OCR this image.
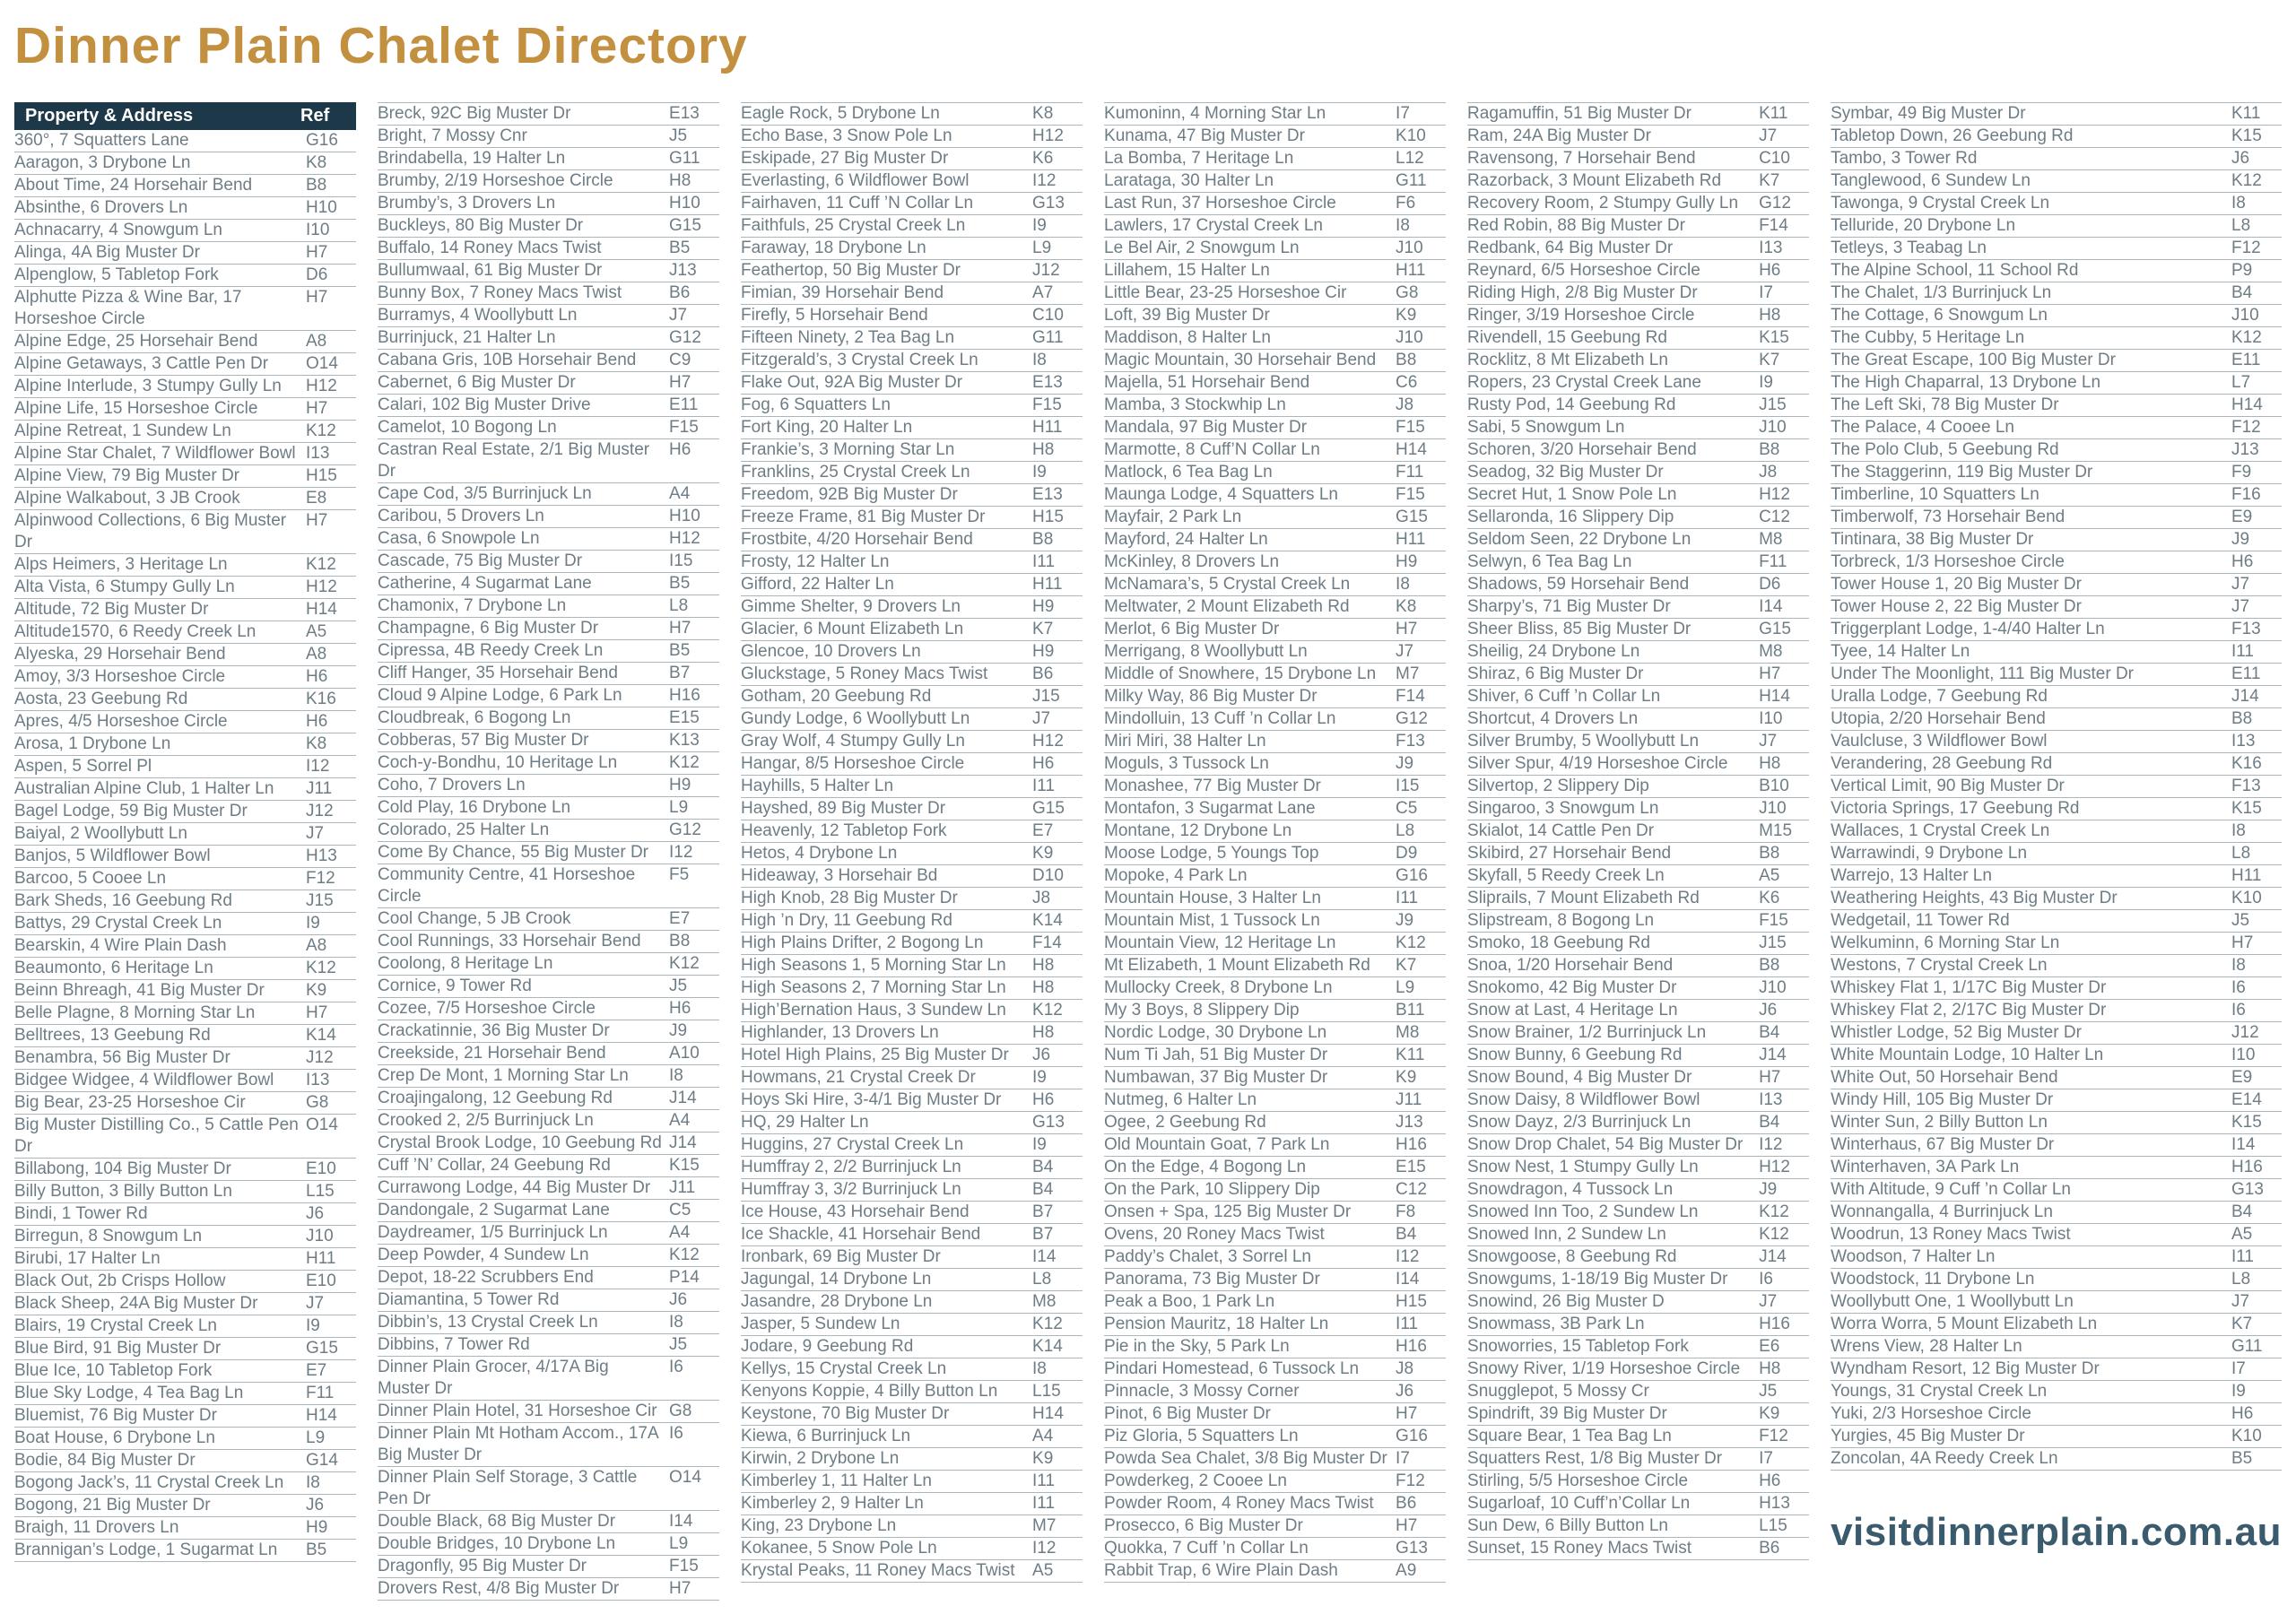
Dinner Plain Chalet Directory
Property & Address	Ref
360°, 7 Squatters Lane	G16
Aaragon, 3 Drybone Ln	K8
About Time, 24 Horsehair Bend	B8
Absinthe, 6 Drovers Ln	H10
Achnacarry, 4 Snowgum Ln	I10
Alinga, 4A Big Muster Dr	H7
Alpenglow, 5 Tabletop Fork	D6
Alphutte Pizza & Wine Bar, 17 Horseshoe Circle
H7
Alpine Edge, 25 Horsehair Bend	A8
Alpine Getaways, 3 Cattle Pen Dr	O14
Alpine Interlude, 3 Stumpy Gully Ln	H12
Alpine Life, 15 Horseshoe Circle	H7
Alpine Retreat, 1 Sundew Ln	K12
Alpine Star Chalet, 7 Wildflower Bowl I13
Alpine View, 79 Big Muster Dr	H15
Alpine Walkabout, 3 JB Crook	E8
Alpinwood Collections, 6 Big Muster Dr
H7
Alps Heimers, 3 Heritage Ln	K12
Alta Vista, 6 Stumpy Gully Ln	H12
Altitude, 72 Big Muster Dr	H14
Altitude1570, 6 Reedy Creek Ln	A5
Alyeska, 29 Horsehair Bend	A8
Amoy, 3/3 Horseshoe Circle	H6
Aosta, 23 Geebung Rd	K16
Apres, 4/5 Horseshoe Circle	H6
Arosa, 1 Drybone Ln	K8
Aspen, 5 Sorrel Pl	I12
Australian Alpine Club, 1 Halter Ln	J11
Bagel Lodge, 59 Big Muster Dr	J12
Baiyal, 2 Woollybutt Ln	J7
Banjos, 5 Wildflower Bowl	H13
Barcoo, 5 Cooee Ln	F12
Bark Sheds, 16 Geebung Rd	J15
Battys, 29 Crystal Creek Ln	I9
Bearskin, 4 Wire Plain Dash	A8
Beaumonto, 6 Heritage Ln	K12
Beinn Bhreagh, 41 Big Muster Dr	K9
Belle Plagne, 8 Morning Star Ln	H7
Belltrees, 13 Geebung Rd	K14
Benambra, 56 Big Muster Dr	J12
Bidgee Widgee, 4 Wildflower Bowl	I13
Big Bear, 23-25 Horseshoe Cir	G8
Big Muster Distilling Co., 5 Cattle Pen Dr
O14
Billabong, 104 Big Muster Dr	E10
Billy Button, 3 Billy Button Ln	L15
Bindi, 1 Tower Rd	J6
Birregun, 8 Snowgum Ln	J10
Birubi, 17 Halter Ln	H11
Black Out, 2b Crisps Hollow	E10
Black Sheep, 24A Big Muster Dr	J7
Blairs, 19 Crystal Creek Ln	I9
Blue Bird, 91 Big Muster Dr	G15
Blue Ice, 10 Tabletop Fork	E7
Blue Sky Lodge, 4 Tea Bag Ln	F11
Bluemist, 76 Big Muster Dr	H14
Boat House, 6 Drybone Ln	L9
Bodie, 84 Big Muster Dr	G14
Bogong Jack’s, 11 Crystal Creek Ln	I8
Bogong, 21 Big Muster Dr	J6
Braigh, 11 Drovers Ln	H9
Brannigan’s Lodge, 1 Sugarmat Ln	B5
Breck, 92C Big Muster Dr	E13
Bright, 7 Mossy Cnr	J5
Brindabella, 19 Halter Ln	G11
Brumby, 2/19 Horseshoe Circle	H8
Brumby’s, 3 Drovers Ln	H10
Buckleys, 80 Big Muster Dr	G15
Buffalo, 14 Roney Macs Twist	B5
Bullumwaal, 61 Big Muster Dr	J13
Bunny Box, 7 Roney Macs Twist	B6
Burramys, 4 Woollybutt Ln	J7
Burrinjuck, 21 Halter Ln	G12
Cabana Gris, 10B Horsehair Bend	C9
Cabernet, 6 Big Muster Dr	H7
Calari, 102 Big Muster Drive	E11
Camelot, 10 Bogong Ln	F15
Castran Real Estate, 2/1 Big Muster Dr
H6
Cape Cod, 3/5 Burrinjuck Ln	A4
Caribou, 5 Drovers Ln	H10
Casa, 6 Snowpole Ln	H12
Cascade, 75 Big Muster Dr	I15
Catherine, 4 Sugarmat Lane	B5
Chamonix, 7 Drybone Ln	L8
Champagne, 6 Big Muster Dr	H7
Cipressa, 4B Reedy Creek Ln	B5
Cliff Hanger, 35 Horsehair Bend	B7
Cloud 9 Alpine Lodge, 6 Park Ln	H16
Cloudbreak, 6 Bogong Ln	E15
Cobberas, 57 Big Muster Dr	K13
Coch-y-Bondhu, 10 Heritage Ln	K12
Coho, 7 Drovers Ln	H9
Cold Play, 16 Drybone Ln	L9
Colorado, 25 Halter Ln	G12
Come By Chance, 55 Big Muster Dr	I12
Community Centre, 41 Horseshoe Circle
F5
Cool Change, 5 JB Crook	E7
Cool Runnings, 33 Horsehair Bend	B8
Coolong, 8 Heritage Ln	K12
Cornice, 9 Tower Rd	J5
Cozee, 7/5 Horseshoe Circle	H6
Crackatinnie, 36 Big Muster Dr	J9
Creekside, 21 Horsehair Bend	A10
Crep De Mont, 1 Morning Star Ln	I8
Croajingalong, 12 Geebung Rd	J14
Crooked 2, 2/5 Burrinjuck Ln	A4
Crystal Brook Lodge, 10 Geebung Rd J14
Cuff ’N’ Collar, 24 Geebung Rd	K15
Currawong Lodge, 44 Big Muster Dr	J11
Dandongale, 2 Sugarmat Lane	C5
Daydreamer, 1/5 Burrinjuck Ln	A4
Deep Powder, 4 Sundew Ln	K12
Depot, 18-22 Scrubbers End	P14
Diamantina, 5 Tower Rd	J6
Dibbin’s, 13 Crystal Creek Ln	I8
Dibbins, 7 Tower Rd	J5
Dinner Plain Grocer, 4/17A Big Muster Dr
I6
Dinner Plain Hotel, 31 Horseshoe Cir G8
Dinner Plain Mt Hotham Accom., 17A Big Muster Dr
I6
Dinner Plain Self Storage, 3 Cattle Pen Dr
O14
Double Black, 68 Big Muster Dr	I14
Double Bridges, 10 Drybone Ln	L9
Dragonfly, 95 Big Muster Dr	F15
Drovers Rest, 4/8 Big Muster Dr	H7
Eagle Rock, 5 Drybone Ln	K8
Echo Base, 3 Snow Pole Ln	H12
Eskipade, 27 Big Muster Dr	K6
Everlasting, 6 Wildflower Bowl	I12
Fairhaven, 11 Cuff ’N Collar Ln	G13
Faithfuls, 25 Crystal Creek Ln	I9
Faraway, 18 Drybone Ln	L9
Feathertop, 50 Big Muster Dr	J12
Fimian, 39 Horsehair Bend	A7
Firefly, 5 Horsehair Bend	C10
Fifteen Ninety, 2 Tea Bag Ln	G11
Fitzgerald’s, 3 Crystal Creek Ln	I8
Flake Out, 92A Big Muster Dr	E13
Fog, 6 Squatters Ln	F15
Fort King, 20 Halter Ln	H11
Frankie’s, 3 Morning Star Ln	H8
Franklins, 25 Crystal Creek Ln	I9
Freedom, 92B Big Muster Dr	E13
Freeze Frame, 81 Big Muster Dr	H15
Frostbite, 4/20 Horsehair Bend	B8
Frosty, 12 Halter Ln	I11
Gifford, 22 Halter Ln	H11
Gimme Shelter, 9 Drovers Ln	H9
Glacier, 6 Mount Elizabeth Ln	K7
Glencoe, 10 Drovers Ln	H9
Gluckstage, 5 Roney Macs Twist	B6
Gotham, 20 Geebung Rd	J15
Gundy Lodge, 6 Woollybutt Ln	J7
Gray Wolf, 4 Stumpy Gully Ln	H12
Hangar, 8/5 Horseshoe Circle	H6
Hayhills, 5 Halter Ln	I11
Hayshed, 89 Big Muster Dr	G15
Heavenly, 12 Tabletop Fork	E7
Hetos, 4 Drybone Ln	K9
Hideaway, 3 Horsehair Bd	D10
High Knob, 28 Big Muster Dr	J8
High ’n Dry, 11 Geebung Rd	K14
High Plains Drifter, 2 Bogong Ln	F14
High Seasons 1, 5 Morning Star Ln	H8
High Seasons 2, 7 Morning Star Ln	H8
High’Bernation Haus, 3 Sundew Ln	K12
Highlander, 13 Drovers Ln	H8
Hotel High Plains, 25 Big Muster Dr	J6
Howmans, 21 Crystal Creek Dr	I9
Hoys Ski Hire, 3-4/1 Big Muster Dr	H6
HQ, 29 Halter Ln	G13
Huggins, 27 Crystal Creek Ln	I9
Humffray 2, 2/2 Burrinjuck Ln	B4
Humffray 3, 3/2 Burrinjuck Ln	B4
Ice House, 43 Horsehair Bend	B7
Ice Shackle, 41 Horsehair Bend	B7
Ironbark, 69 Big Muster Dr	I14
Jagungal, 14 Drybone Ln	L8
Jasandre, 28 Drybone Ln	M8
Jasper, 5 Sundew Ln	K12
Jodare, 9 Geebung Rd	K14
Kellys, 15 Crystal Creek Ln	I8
Kenyons Koppie, 4 Billy Button Ln	L15
Keystone, 70 Big Muster Dr	H14
Kiewa, 6 Burrinjuck Ln	A4
Kirwin, 2 Drybone Ln	K9
Kimberley 1, 11 Halter Ln	I11
Kimberley 2, 9 Halter Ln	I11
King, 23 Drybone Ln	M7
Kokanee, 5 Snow Pole Ln	I12
Krystal Peaks, 11 Roney Macs Twist	A5
Kumoninn, 4 Morning Star Ln	I7
Kunama, 47 Big Muster Dr	K10
La Bomba, 7 Heritage Ln	L12
Larataga, 30 Halter Ln	G11
Last Run, 37 Horseshoe Circle	F6
Lawlers, 17 Crystal Creek Ln	I8
Le Bel Air, 2 Snowgum Ln	J10
Lillahem, 15 Halter Ln	H11
Little Bear, 23-25 Horseshoe Cir	G8
Loft, 39 Big Muster Dr	K9
Maddison, 8 Halter Ln	J10
Magic Mountain, 30 Horsehair Bend	B8
Majella, 51 Horsehair Bend	C6
Mamba, 3 Stockwhip Ln	J8
Mandala, 97 Big Muster Dr	F15
Marmotte, 8 Cuff’N Collar Ln	H14
Matlock, 6 Tea Bag Ln	F11
Maunga Lodge, 4 Squatters Ln	F15
Mayfair, 2 Park Ln	G15
Mayford, 24 Halter Ln	H11
McKinley, 8 Drovers Ln	H9
McNamara’s, 5 Crystal Creek Ln	I8
Meltwater, 2 Mount Elizabeth Rd	K8
Merlot, 6 Big Muster Dr	H7
Merrigang, 8 Woollybutt Ln	J7
Middle of Snowhere, 15 Drybone Ln	M7
Milky Way, 86 Big Muster Dr	F14
Mindolluin, 13 Cuff ’n Collar Ln	G12
Miri Miri, 38 Halter Ln	F13
Moguls, 3 Tussock Ln	J9
Monashee, 77 Big Muster Dr	I15
Montafon, 3 Sugarmat Lane	C5
Montane, 12 Drybone Ln	L8
Moose Lodge, 5 Youngs Top	D9
Mopoke, 4 Park Ln	G16
Mountain House, 3 Halter Ln	I11
Mountain Mist, 1 Tussock Ln	J9
Mountain View, 12 Heritage Ln	K12
Mt Elizabeth, 1 Mount Elizabeth Rd	K7
Mullocky Creek, 8 Drybone Ln	L9
My 3 Boys, 8 Slippery Dip	B11
Nordic Lodge, 30 Drybone Ln	M8
Num Ti Jah, 51 Big Muster Dr	K11
Numbawan, 37 Big Muster Dr	K9
Nutmeg, 6 Halter Ln	J11
Ogee, 2 Geebung Rd	J13
Old Mountain Goat, 7 Park Ln	H16
On the Edge, 4 Bogong Ln	E15
On the Park, 10 Slippery Dip	C12
Onsen + Spa, 125 Big Muster Dr	F8
Ovens, 20 Roney Macs Twist	B4
Paddy’s Chalet, 3 Sorrel Ln	I12
Panorama, 73 Big Muster Dr	I14
Peak a Boo, 1 Park Ln	H15
Pension Mauritz, 18 Halter Ln	I11
Pie in the Sky, 5 Park Ln	H16
Pindari Homestead, 6 Tussock Ln	J8
Pinnacle, 3 Mossy Corner	J6
Pinot, 6 Big Muster Dr	H7
Piz Gloria, 5 Squatters Ln	G16
Powda Sea Chalet, 3/8 Big Muster Dr I7
Powderkeg, 2 Cooee Ln	F12
Powder Room, 4 Roney Macs Twist	B6
Prosecco, 6 Big Muster Dr	H7
Quokka, 7 Cuff ’n Collar Ln	G13
Rabbit Trap, 6 Wire Plain Dash	A9
Ragamuffin, 51 Big Muster Dr	K11
Ram, 24A Big Muster Dr	J7
Ravensong, 7 Horsehair Bend	C10
Razorback, 3 Mount Elizabeth Rd	K7
Recovery Room, 2 Stumpy Gully Ln	G12
Red Robin, 88 Big Muster Dr	F14
Redbank, 64 Big Muster Dr	I13
Reynard, 6/5 Horseshoe Circle	H6
Riding High, 2/8 Big Muster Dr	I7
Ringer, 3/19 Horseshoe Circle	H8
Rivendell, 15 Geebung Rd	K15
Rocklitz, 8 Mt Elizabeth Ln	K7
Ropers, 23 Crystal Creek Lane	I9
Rusty Pod, 14 Geebung Rd	J15
Sabi, 5 Snowgum Ln	J10
Schoren, 3/20 Horsehair Bend	B8
Seadog, 32 Big Muster Dr	J8
Secret Hut, 1 Snow Pole Ln	H12
Sellaronda, 16 Slippery Dip	C12
Seldom Seen, 22 Drybone Ln	M8
Selwyn, 6 Tea Bag Ln	F11
Shadows, 59 Horsehair Bend	D6
Sharpy’s, 71 Big Muster Dr	I14
Sheer Bliss, 85 Big Muster Dr	G15
Sheilig, 24 Drybone Ln	M8
Shiraz, 6 Big Muster Dr	H7
Shiver, 6 Cuff ’n Collar Ln	H14
Shortcut, 4 Drovers Ln	I10
Silver Brumby, 5 Woollybutt Ln	J7
Silver Spur, 4/19 Horseshoe Circle	H8
Silvertop, 2 Slippery Dip	B10
Singaroo, 3 Snowgum Ln	J10
Skialot, 14 Cattle Pen Dr	M15
Skibird, 27 Horsehair Bend	B8
Skyfall, 5 Reedy Creek Ln	A5
Sliprails, 7 Mount Elizabeth Rd	K6
Slipstream, 8 Bogong Ln	F15
Smoko, 18 Geebung Rd	J15
Snoa, 1/20 Horsehair Bend	B8
Snokomo, 42 Big Muster Dr	J10
Snow at Last, 4 Heritage Ln	J6
Snow Brainer, 1/2 Burrinjuck Ln	B4
Snow Bunny, 6 Geebung Rd	J14
Snow Bound, 4 Big Muster Dr	H7
Snow Daisy, 8 Wildflower Bowl	I13
Snow Dayz, 2/3 Burrinjuck Ln	B4
Snow Drop Chalet, 54 Big Muster Dr I12
Snow Nest, 1 Stumpy Gully Ln	H12
Snowdragon, 4 Tussock Ln	J9
Snowed Inn Too, 2 Sundew Ln	K12
Snowed Inn, 2 Sundew Ln	K12
Snowgoose, 8 Geebung Rd	J14
Snowgums, 1-18/19 Big Muster Dr	I6
Snowind, 26 Big Muster D	J7
Snowmass, 3B Park Ln	H16
Snoworries, 15 Tabletop Fork	E6
Snowy River, 1/19 Horseshoe Circle	H8
Snugglepot, 5 Mossy Cr	J5
Spindrift, 39 Big Muster Dr	K9
Square Bear, 1 Tea Bag Ln	F12
Squatters Rest, 1/8 Big Muster Dr	I7
Stirling, 5/5 Horseshoe Circle	H6
Sugarloaf, 10 Cuff’n’Collar Ln	H13
Sun Dew, 6 Billy Button Ln	L15
Sunset, 15 Roney Macs Twist	B6
Symbar, 49 Big Muster Dr	K11
Tabletop Down, 26 Geebung Rd	K15
Tambo, 3 Tower Rd	J6
Tanglewood, 6 Sundew Ln	K12
Tawonga, 9 Crystal Creek Ln	I8
Telluride, 20 Drybone Ln	L8
Tetleys, 3 Teabag Ln	F12
The Alpine School, 11 School Rd	P9
The Chalet, 1/3 Burrinjuck Ln	B4
The Cottage, 6 Snowgum Ln	J10
The Cubby, 5 Heritage Ln	K12
The Great Escape, 100 Big Muster Dr	E11
The High Chaparral, 13 Drybone Ln	L7
The Left Ski, 78 Big Muster Dr	H14
The Palace, 4 Cooee Ln	F12
The Polo Club, 5 Geebung Rd	J13
The Staggerinn, 119 Big Muster Dr	F9
Timberline, 10 Squatters Ln	F16
Timberwolf, 73 Horsehair Bend	E9
Tintinara, 38 Big Muster Dr	J9
Torbreck, 1/3 Horseshoe Circle	H6
Tower House 1, 20 Big Muster Dr	J7
Tower House 2, 22 Big Muster Dr	J7
Triggerplant Lodge, 1-4/40 Halter Ln	F13
Tyee, 14 Halter Ln	I11
Under The Moonlight, 111 Big Muster Dr	E11
Uralla Lodge, 7 Geebung Rd	J14
Utopia, 2/20 Horsehair Bend	B8
Vaulcluse, 3 Wildflower Bowl	I13
Verandering, 28 Geebung Rd	K16
Vertical Limit, 90 Big Muster Dr	F13
Victoria Springs, 17 Geebung Rd	K15
Wallaces, 1 Crystal Creek Ln	I8
Warrawindi, 9 Drybone Ln	L8
Warrejo, 13 Halter Ln	H11
Weathering Heights, 43 Big Muster Dr	K10
Wedgetail, 11 Tower Rd	J5
Welkuminn, 6 Morning Star Ln	H7
Westons, 7 Crystal Creek Ln	I8
Whiskey Flat 1, 1/17C Big Muster Dr	I6
Whiskey Flat 2, 2/17C Big Muster Dr	I6
Whistler Lodge, 52 Big Muster Dr	J12
White Mountain Lodge, 10 Halter Ln	I10
White Out, 50 Horsehair Bend	E9
Windy Hill, 105 Big Muster Dr	E14
Winter Sun, 2 Billy Button Ln	K15
Winterhaus, 67 Big Muster Dr	I14
Winterhaven, 3A Park Ln	H16
With Altitude, 9 Cuff ’n Collar Ln	G13
Wonnangalla, 4 Burrinjuck Ln	B4
Woodrun, 13 Roney Macs Twist	A5
Woodson, 7 Halter Ln	I11
Woodstock, 11 Drybone Ln	L8
Woollybutt One, 1 Woollybutt Ln	J7
Worra Worra, 5 Mount Elizabeth Ln	K7
Wrens View, 28 Halter Ln	G11
Wyndham Resort, 12 Big Muster Dr	I7
Youngs, 31 Crystal Creek Ln	I9
Yuki, 2/3 Horseshoe Circle	H6
Yurgies, 45 Big Muster Dr	K10
Zoncolan, 4A Reedy Creek Ln	B5
visitdinnerplain.com.au
